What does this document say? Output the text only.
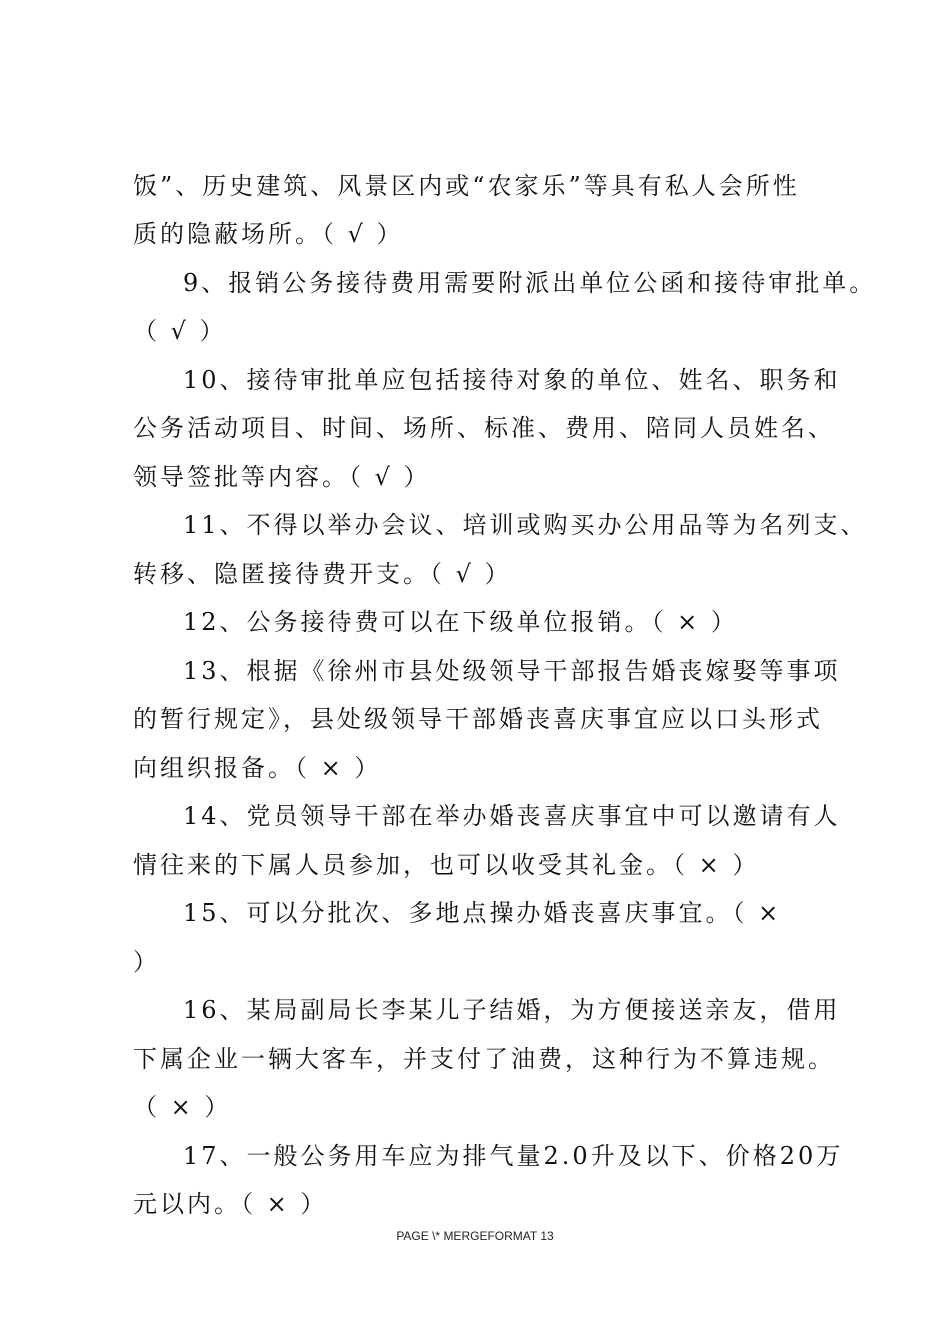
饭”、历史建筑、风景区内或“农家乐”等具有私人会所性
质的隐蔽场所。（ √ ）
9、报销公务接待费用需要附派出单位公函和接待审批单。
（ √ ）
10、接待审批单应包括接待对象的单位、姓名、职务和
公务活动项目、时间、场所、标准、费用、陪同人员姓名、
领导签批等内容。（ √ ）
11、不得以举办会议、培训或购买办公用品等为名列支、
转移、隐匿接待费开支。（ √ ）
12、公务接待费可以在下级单位报销。（ × ）
13、根据《徐州市县处级领导干部报告婚丧嫁娶等事项
的暂行规定》，县处级领导干部婚丧喜庆事宜应以口头形式
向组织报备。（ × ）
14、党员领导干部在举办婚丧喜庆事宜中可以邀请有人
情往来的下属人员参加，也可以收受其礼金。（ × ）
15、可以分批次、多地点操办婚丧喜庆事宜。（ ×
）
16、某局副局长李某儿子结婚，为方便接送亲友，借用
下属企业一辆大客车，并支付了油费，这种行为不算违规。
（ × ）
17、一般公务用车应为排气量2.0升及以下、价格20万
元以内。（ × ）
PAGE \* MERGEFORMAT 13
